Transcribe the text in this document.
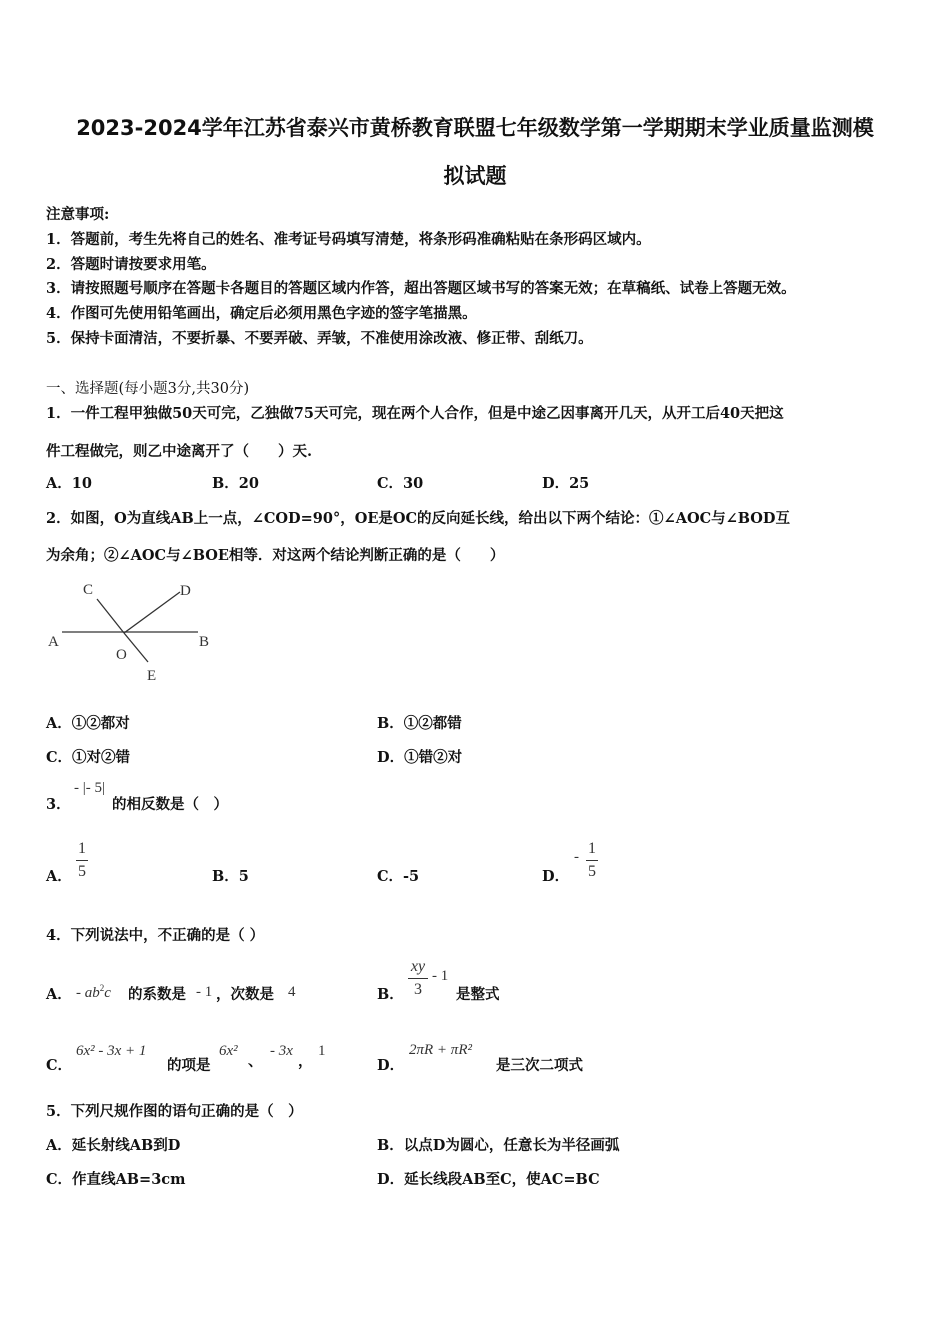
2023-2024学年江苏省泰兴市黄桥教育联盟七年级数学第一学期期末学业质量监测模
拟试题
注意事项:
1．答题前，考生先将自己的姓名、准考证号码填写清楚，将条形码准确粘贴在条形码区域内。
2．答题时请按要求用笔。
3．请按照题号顺序在答题卡各题目的答题区域内作答，超出答题区域书写的答案无效；在草稿纸、试卷上答题无效。
4．作图可先使用铅笔画出，确定后必须用黑色字迹的签字笔描黑。
5．保持卡面清洁，不要折暴、不要弄破、弄皱，不准使用涂改液、修正带、刮纸刀。
一、选择题(每小题3分,共30分)
1．一件工程甲独做50天可完，乙独做75天可完，现在两个人合作，但是中途乙因事离开几天，从开工后40天把这
件工程做完，则乙中途离开了（　　）天.
A．10	B．20	C．30	D．25
2．如图，O为直线AB上一点，∠COD=90°，OE是OC的反向延长线，给出以下两个结论：①∠AOC与∠BOD互
为余角；②∠AOC与∠BOE相等．对这两个结论判断正确的是（　　）
C	D
A	B
O
E
A．①②都对	B．①②都错
C．①对②错	D．①错②对
3．
- |- 5|
的相反数是（　）
A．
1
5	B．5	C．-5	D．
- 1
5
4．下列说法中，不正确的是（ ）
A． - $ab^2c$ 的系数是 - 1 ，次数是 4	B．
xy
3
- 1
是整式
C．
6x² - 3x + 1
的项是
6x²
、
- 3x
，
1
D．
2πR + πR²
是三次二项式
5．下列尺规作图的语句正确的是（　）
A．延长射线AB到D	B．以点D为圆心，任意长为半径画弧
C．作直线AB=3cm	D．延长线段AB至C，使AC=BC
